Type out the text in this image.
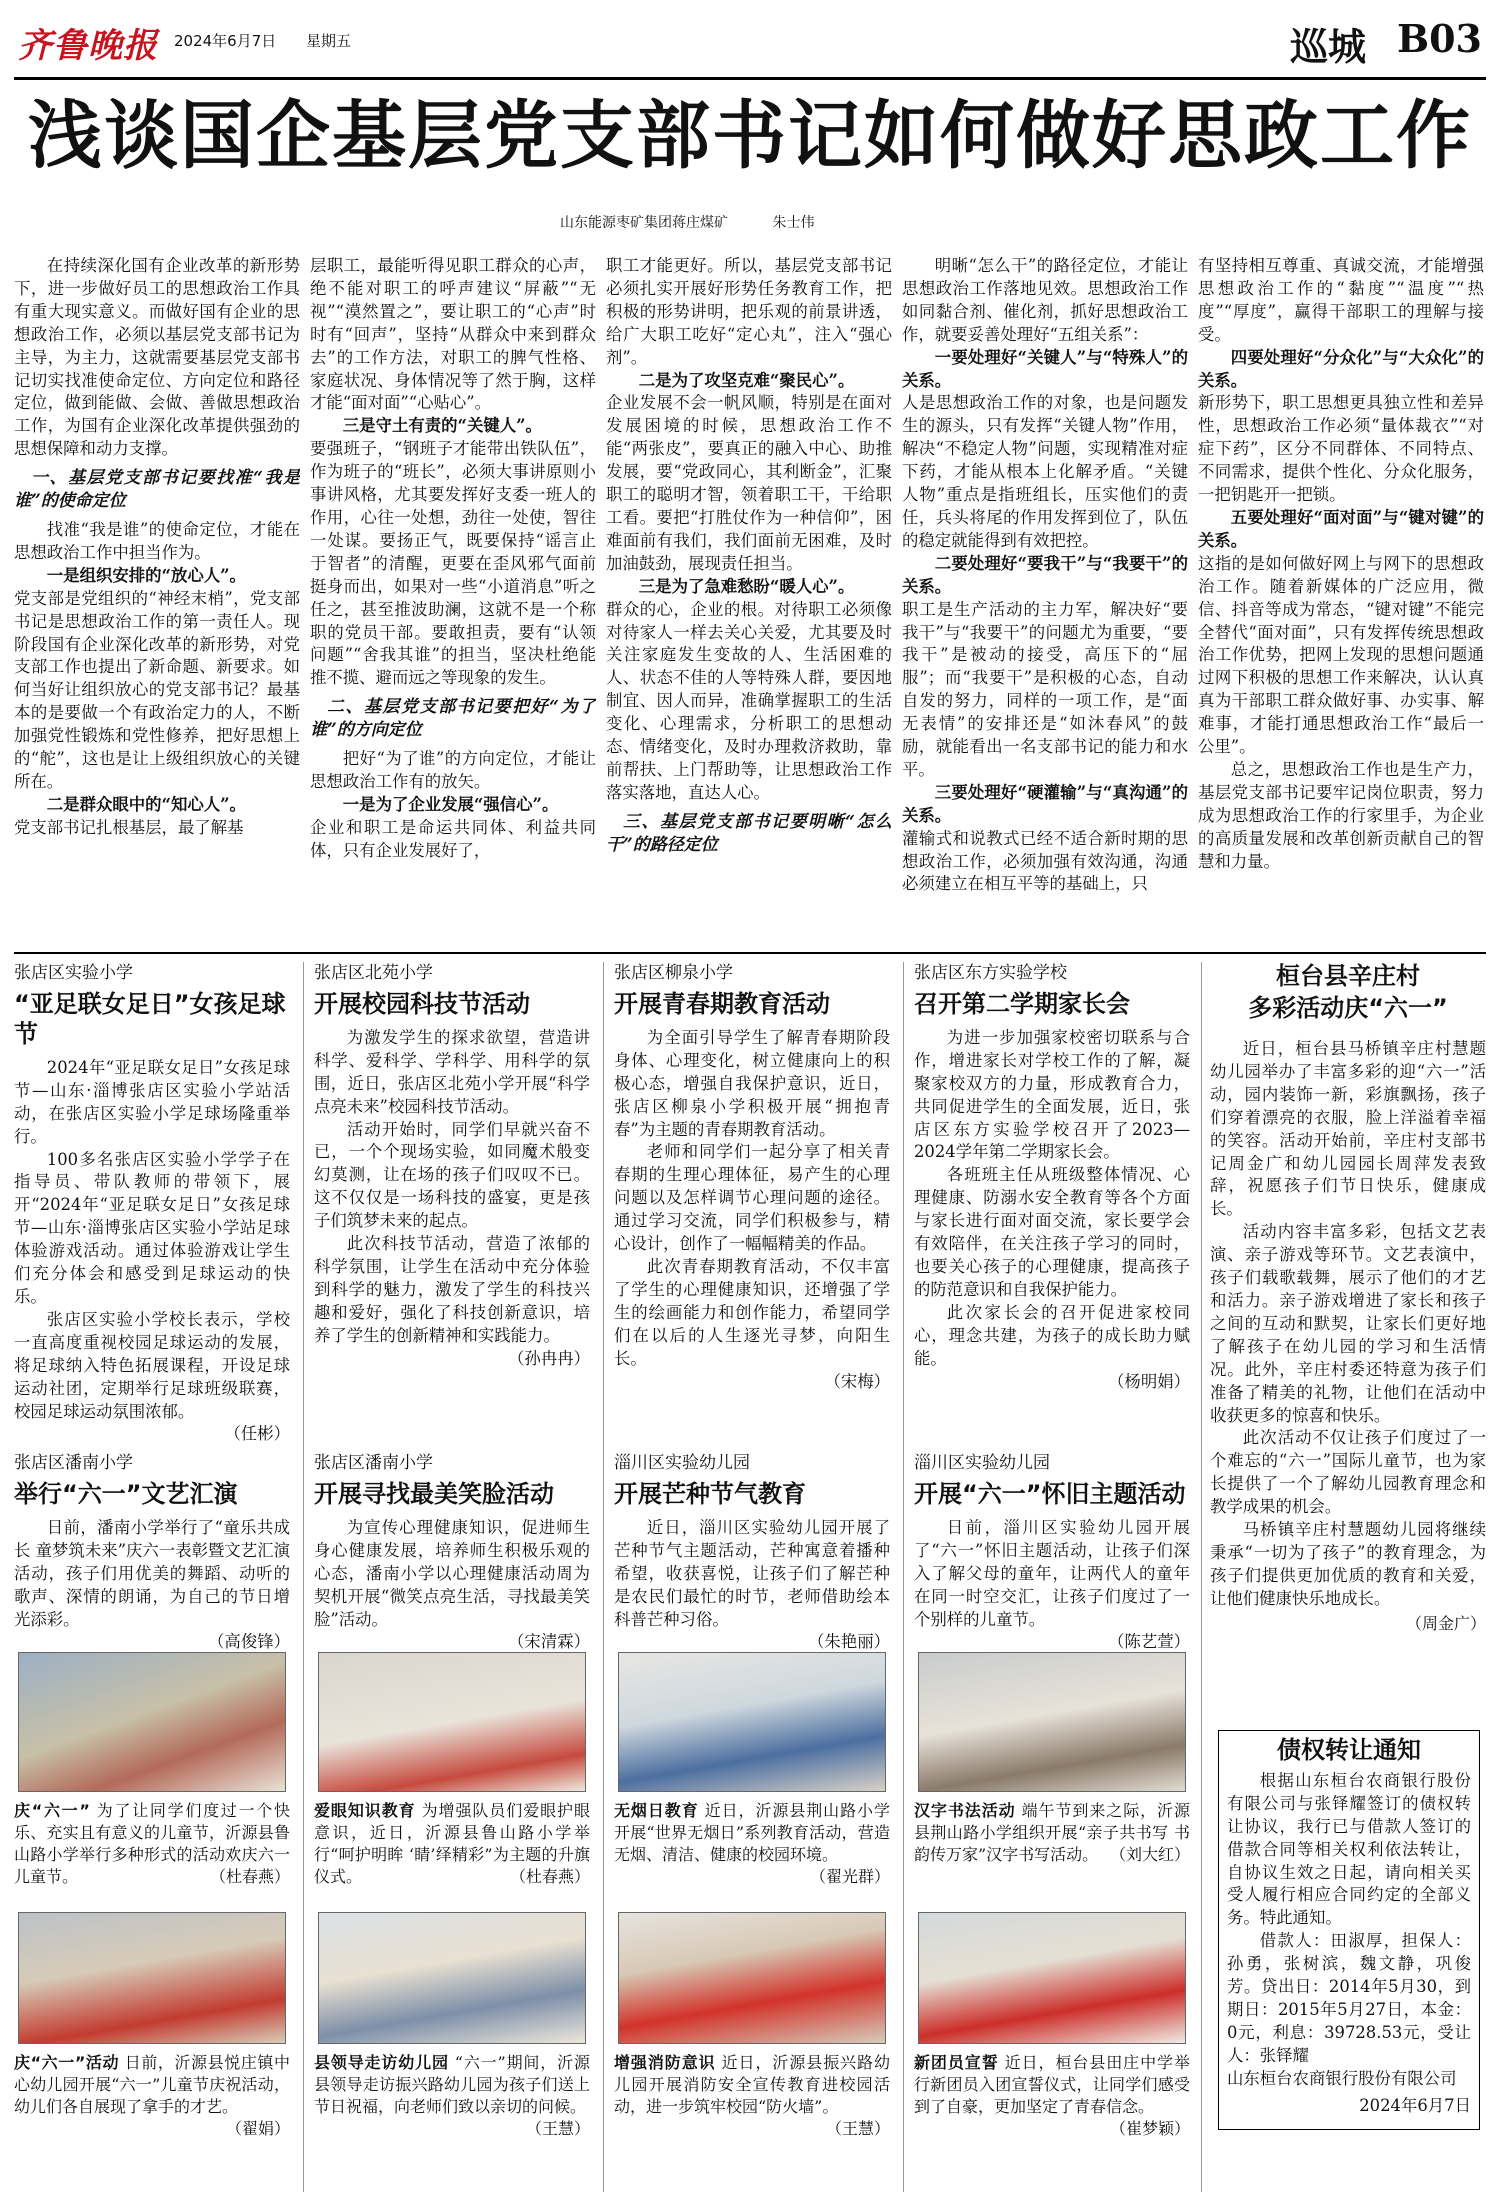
齐鲁晚报 2024年6月7日 星期五	巡城 B03
浅谈国企基层党支部书记如何做好思政工作
山东能源枣矿集团蒋庄煤矿	朱士伟

在持续深化国有企业改革的新形势下，进一步做好员工的思想政治工作具有重大现实意义。而做好国有企业的思想政治工作，必须以基层党支部书记为主导，为主力，这就需要基层党支部书记切实找准使命定位、方向定位和路径定位，做到能做、会做、善做思想政治工作，为国有企业深化改革提供强劲的思想保障和动力支撑。

一、基层党支部书记要找准“我是谁”的使命定位

找准“我是谁”的使命定位，才能在思想政治工作中担当作为。

一是组织安排的“放心人”。

党支部是党组织的“神经末梢”，党支部书记是思想政治工作的第一责任人。现阶段国有企业深化改革的新形势，对党支部工作也提出了新命题、新要求。如何当好让组织放心的党支部书记？最基本的是要做一个有政治定力的人，不断加强党性锻炼和党性修养，把好思想上的“舵”，这也是让上级组织放心的关键所在。

二是群众眼中的“知心人”。

党支部书记扎根基层，最了解基

层职工，最能听得见职工群众的心声，绝不能对职工的呼声建议“屏蔽”“无视”“漠然置之”，要让职工的“心声”时时有“回声”，坚持“从群众中来到群众去”的工作方法，对职工的脾气性格、家庭状况、身体情况等了然于胸，这样才能“面对面”“心贴心”。

三是守土有责的“关键人”。

要强班子，“钢班子才能带出铁队伍”，作为班子的“班长”，必须大事讲原则小事讲风格，尤其要发挥好支委一班人的作用，心往一处想，劲往一处使，智往一处谋。要扬正气，既要保持“谣言止于智者”的清醒，更要在歪风邪气面前挺身而出，如果对一些“小道消息”听之任之，甚至推波助澜，这就不是一个称职的党员干部。要敢担责，要有“认领问题”“舍我其谁”的担当，坚决杜绝能推不揽、避而远之等现象的发生。

二、基层党支部书记要把好“为了谁”的方向定位

把好“为了谁”的方向定位，才能让思想政治工作有的放矢。

一是为了企业发展“强信心”。

企业和职工是命运共同体、利益共同体，只有企业发展好了，

职工才能更好。所以，基层党支部书记必须扎实开展好形势任务教育工作，把积极的形势讲明，把乐观的前景讲透，给广大职工吃好“定心丸”，注入“强心剂”。

二是为了攻坚克难“聚民心”。

企业发展不会一帆风顺，特别是在面对发展困境的时候，思想政治工作不能“两张皮”，要真正的融入中心、助推发展，要“党政同心，其利断金”，汇聚职工的聪明才智，领着职工干，干给职工看。要把“打胜仗作为一种信仰”，困难面前有我们，我们面前无困难，及时加油鼓劲，展现责任担当。

三是为了急难愁盼“暖人心”。

群众的心，企业的根。对待职工必须像对待家人一样去关心关爱，尤其要及时关注家庭发生变故的人、生活困难的人、状态不佳的人等特殊人群，要因地制宜、因人而异，准确掌握职工的生活变化、心理需求，分析职工的思想动态、情绪变化，及时办理救济救助，靠前帮扶、上门帮助等，让思想政治工作落实落地，直达人心。

三、基层党支部书记要明晰“怎么干”的路径定位

明晰“怎么干”的路径定位，才能让思想政治工作落地见效。思想政治工作如同黏合剂、催化剂，抓好思想政治工作，就要妥善处理好“五组关系”：

一要处理好“关键人”与“特殊人”的关系。

人是思想政治工作的对象，也是问题发生的源头，只有发挥“关键人物”作用，解决“不稳定人物”问题，实现精准对症下药，才能从根本上化解矛盾。“关键人物”重点是指班组长，压实他们的责任，兵头将尾的作用发挥到位了，队伍的稳定就能得到有效把控。

二要处理好“要我干”与“我要干”的关系。

职工是生产活动的主力军，解决好“要我干”与“我要干”的问题尤为重要，“要我干”是被动的接受，高压下的“屈服”；而“我要干”是积极的心态，自动自发的努力，同样的一项工作，是“面无表情”的安排还是“如沐春风”的鼓励，就能看出一名支部书记的能力和水平。

三要处理好“硬灌输”与“真沟通”的关系。

灌输式和说教式已经不适合新时期的思想政治工作，必须加强有效沟通，沟通必须建立在相互平等的基础上，只

有坚持相互尊重、真诚交流，才能增强思想政治工作的“黏度”“温度”“热度”“厚度”，赢得干部职工的理解与接受。

四要处理好“分众化”与“大众化”的关系。

新形势下，职工思想更具独立性和差异性，思想政治工作必须“量体裁衣”“对症下药”，区分不同群体、不同特点、不同需求，提供个性化、分众化服务，一把钥匙开一把锁。

五要处理好“面对面”与“键对键”的关系。

这指的是如何做好网上与网下的思想政治工作。随着新媒体的广泛应用，微信、抖音等成为常态，“键对键”不能完全替代“面对面”，只有发挥传统思想政治工作优势，把网上发现的思想问题通过网下积极的思想工作来解决，认认真真为干部职工群众做好事、办实事、解难事，才能打通思想政治工作“最后一公里”。

总之，思想政治工作也是生产力，基层党支部书记要牢记岗位职责，努力成为思想政治工作的行家里手，为企业的高质量发展和改革创新贡献自己的智慧和力量。

张店区实验小学
“亚足联女足日”女孩足球节

2024年“亚足联女足日”女孩足球节—山东·淄博张店区实验小学站活动，在张店区实验小学足球场隆重举行。

100多名张店区实验小学学子在指导员、带队教师的带领下，展开“2024年“亚足联女足日”女孩足球节—山东·淄博张店区实验小学站足球体验游戏活动。通过体验游戏让学生们充分体会和感受到足球运动的快乐。

张店区实验小学校长表示，学校一直高度重视校园足球运动的发展，将足球纳入特色拓展课程，开设足球运动社团，定期举行足球班级联赛，校园足球运动氛围浓郁。

（任彬）
张店区北苑小学
开展校园科技节活动

为激发学生的探求欲望，营造讲科学、爱科学、学科学、用科学的氛围，近日，张店区北苑小学开展“科学点亮未来”校园科技节活动。

活动开始时，同学们早就兴奋不已，一个个现场实验，如同魔术般变幻莫测，让在场的孩子们叹叹不已。这不仅仅是一场科技的盛宴，更是孩子们筑梦未来的起点。

此次科技节活动，营造了浓郁的科学氛围，让学生在活动中充分体验到科学的魅力，激发了学生的科技兴趣和爱好，强化了科技创新意识，培养了学生的创新精神和实践能力。

（孙冉冉）
张店区柳泉小学
开展青春期教育活动

为全面引导学生了解青春期阶段身体、心理变化，树立健康向上的积极心态，增强自我保护意识，近日，张店区柳泉小学积极开展“拥抱青春”为主题的青春期教育活动。

老师和同学们一起分享了相关青春期的生理心理体征，易产生的心理问题以及怎样调节心理问题的途径。通过学习交流，同学们积极参与，精心设计，创作了一幅幅精美的作品。

此次青春期教育活动，不仅丰富了学生的心理健康知识，还增强了学生的绘画能力和创作能力，希望同学们在以后的人生逐光寻梦，向阳生长。

（宋梅）
张店区东方实验学校
召开第二学期家长会

为进一步加强家校密切联系与合作，增进家长对学校工作的了解，凝聚家校双方的力量，形成教育合力，共同促进学生的全面发展，近日，张店区东方实验学校召开了2023—2024学年第二学期家长会。

各班班主任从班级整体情况、心理健康、防溺水安全教育等各个方面与家长进行面对面交流，家长要学会有效陪伴，在关注孩子学习的同时，也要关心孩子的心理健康，提高孩子的防范意识和自我保护能力。

此次家长会的召开促进家校同心，理念共建，为孩子的成长助力赋能。

（杨明娟）
张店区潘南小学
举行“六一”文艺汇演

日前，潘南小学举行了“童乐共成长 童梦筑未来”庆六一表彰暨文艺汇演活动，孩子们用优美的舞蹈、动听的歌声、深情的朗诵，为自己的节日增光添彩。

（高俊锋）
张店区潘南小学
开展寻找最美笑脸活动

为宣传心理健康知识，促进师生身心健康发展，培养师生积极乐观的心态，潘南小学以心理健康活动周为契机开展“微笑点亮生活，寻找最美笑脸”活动。

（宋清霖）
淄川区实验幼儿园
开展芒种节气教育

近日，淄川区实验幼儿园开展了芒种节气主题活动，芒种寓意着播种希望，收获喜悦，让孩子们了解芒种是农民们最忙的时节，老师借助绘本科普芒种习俗。

（朱艳丽）
淄川区实验幼儿园
开展“六一”怀旧主题活动

日前，淄川区实验幼儿园开展了“六一”怀旧主题活动，让孩子们深入了解父母的童年，让两代人的童年在同一时空交汇，让孩子们度过了一个别样的儿童节。

（陈艺萱）
庆“六一” 为了让同学们度过一个快乐、充实且有意义的儿童节，沂源县鲁山路小学举行多种形式的活动欢庆六一儿童节。	（杜春燕）
爱眼知识教育 为增强队员们爱眼护眼意识，近日，沂源县鲁山路小学举行“呵护明眸 ‘睛’绎精彩”为主题的升旗仪式。	（杜春燕）
无烟日教育 近日，沂源县荆山路小学开展“世界无烟日”系列教育活动，营造无烟、清洁、健康的校园环境。
（翟光群）
汉字书法活动 端午节到来之际，沂源县荆山路小学组织开展“亲子共书写 书韵传万家”汉字书写活动。 （刘大红）
庆“六一”活动 日前，沂源县悦庄镇中心幼儿园开展“六一”儿童节庆祝活动，幼儿们各自展现了拿手的才艺。
（翟娟）
县领导走访幼儿园 “六一”期间，沂源县领导走访振兴路幼儿园为孩子们送上节日祝福，向老师们致以亲切的问候。
（王慧）
增强消防意识 近日，沂源县振兴路幼儿园开展消防安全宣传教育进校园活动，进一步筑牢校园“防火墙”。
（王慧）
新团员宣誓 近日，桓台县田庄中学举行新团员入团宣誓仪式，让同学们感受到了自豪，更加坚定了青春信念。
（崔梦颖）
桓台县辛庄村
多彩活动庆“六一”

近日，桓台县马桥镇辛庄村慧题幼儿园举办了丰富多彩的迎“六一”活动，园内装饰一新，彩旗飘扬，孩子们穿着漂亮的衣服，脸上洋溢着幸福的笑容。活动开始前，辛庄村支部书记周金广和幼儿园园长周萍发表致辞，祝愿孩子们节日快乐，健康成长。

活动内容丰富多彩，包括文艺表演、亲子游戏等环节。文艺表演中，孩子们载歌载舞，展示了他们的才艺和活力。亲子游戏增进了家长和孩子之间的互动和默契，让家长们更好地了解孩子在幼儿园的学习和生活情况。此外，辛庄村委还特意为孩子们准备了精美的礼物，让他们在活动中收获更多的惊喜和快乐。

此次活动不仅让孩子们度过了一个难忘的“六一”国际儿童节，也为家长提供了一个了解幼儿园教育理念和教学成果的机会。

马桥镇辛庄村慧题幼儿园将继续秉承“一切为了孩子”的教育理念，为孩子们提供更加优质的教育和关爱，让他们健康快乐地成长。

（周金广）
债权转让通知

根据山东桓台农商银行股份有限公司与张铎耀签订的债权转让协议，我行已与借款人签订的借款合同等相关权利依法转让，自协议生效之日起，请向相关买受人履行相应合同约定的全部义务。特此通知。

借款人：田淑厚，担保人：孙勇，张树滨，魏文静，巩俊芳。贷出日：2014年5月30，到期日：2015年5月27日，本金：0元，利息：39728.53元，受让人：张铎耀

山东桓台农商银行股份有限公司

2024年6月7日
